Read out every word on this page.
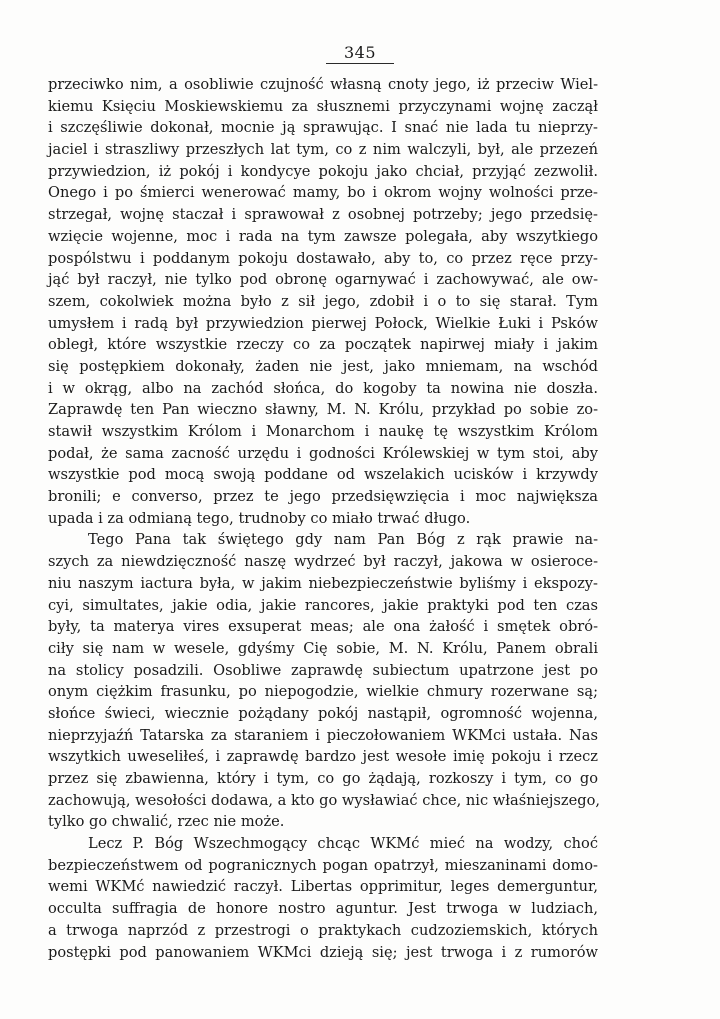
345
przeciwko nim, a osobliwie czujność własną cnoty jego, iż przeciw Wiel-
kiemu Księciu Moskiewskiemu za słusznemi przyczynami wojnę zaczął
i szczęśliwie dokonał, mocnie ją sprawując. I snać nie lada tu nieprzy-
jaciel i straszliwy przeszłych lat tym, co z nim walczyli, był, ale przezeń
przywiedzion, iż pokój i kondycye pokoju jako chciał, przyjąć zezwolił.
Onego i po śmierci wenerować mamy, bo i okrom wojny wolności prze-
strzegał, wojnę staczał i sprawował z osobnej potrzeby; jego przedsię-
wzięcie wojenne, moc i rada na tym zawsze polegała, aby wszytkiego
pospólstwu i poddanym pokoju dostawało, aby to, co przez ręce przy-
jąć był raczył, nie tylko pod obronę ogarnywać i zachowywać, ale ow-
szem, cokolwiek można było z sił jego, zdobił i o to się starał. Tym
umysłem i radą był przywiedzion pierwej Połock, Wielkie Łuki i Psków
obległ, które wszystkie rzeczy co za początek napirwej miały i jakim
się postępkiem dokonały, żaden nie jest, jako mniemam, na wschód
i w okrąg, albo na zachód słońca, do kogoby ta nowina nie doszła.
Zaprawdę ten Pan wieczno sławny, M. N. Królu, przykład po sobie zo-
stawił wszystkim Królom i Monarchom i naukę tę wszystkim Królom
podał, że sama zacność urzędu i godności Królewskiej w tym stoi, aby
wszystkie pod mocą swoją poddane od wszelakich ucisków i krzywdy
bronili; e converso, przez te jego przedsięwzięcia i moc największa
upada i za odmianą tego, trudnoby co miało trwać długo.
Tego Pana tak świętego gdy nam Pan Bóg z rąk prawie na-
szych za niewdzięczność naszę wydrzeć był raczył, jakowa w osieroce-
niu naszym iactura była, w jakim niebezpieczeństwie byliśmy i ekspozy-
cyi, simultates, jakie odia, jakie rancores, jakie praktyki pod ten czas
były, ta materya vires exsuperat meas; ale ona żałość i smętek obró-
ciły się nam w wesele, gdyśmy Cię sobie, M. N. Królu, Panem obrali
na stolicy posadzili. Osobliwe zaprawdę subiectum upatrzone jest po
onym ciężkim frasunku, po niepogodzie, wielkie chmury rozerwane są;
słońce świeci, wiecznie pożądany pokój nastąpił, ogromność wojenna,
nieprzyjaźń Tatarska za staraniem i pieczołowaniem WKMci ustała. Nas
wszytkich uweseliłeś, i zaprawdę bardzo jest wesołe imię pokoju i rzecz
przez się zbawienna, który i tym, co go żądają, rozkoszy i tym, co go
zachowują, wesołości dodawa, a kto go wysławiać chce, nic właśniejszego,
tylko go chwalić, rzec nie może.
Lecz P. Bóg Wszechmogący chcąc WKMć mieć na wodzy, choć
bezpieczeństwem od pogranicznych pogan opatrzył, mieszaninami domo-
wemi WKMć nawiedzić raczył. Libertas opprimitur, leges demerguntur,
occulta suffragia de honore nostro aguntur. Jest trwoga w ludziach,
a trwoga naprzód z przestrogi o praktykach cudzoziemskich, których
postępki pod panowaniem WKMci dzieją się; jest trwoga i z rumorów
